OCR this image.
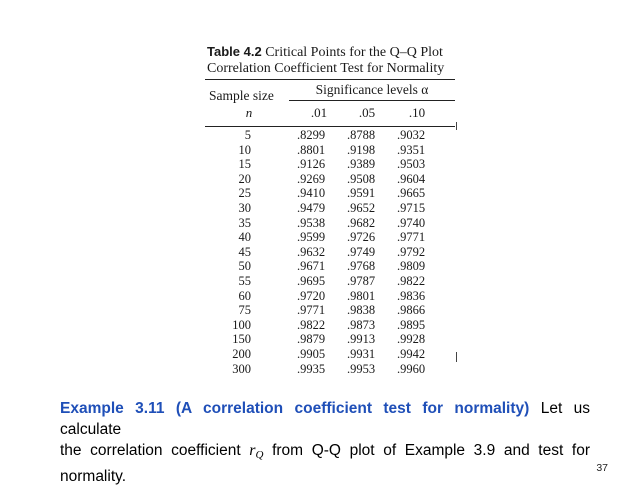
Table 4.2 Critical Points for the Q–Q Plot
Correlation Coefficient Test for Normality
Significance levels α
Sample size
n	.01	.05	.10
5	.8299 .8788 .9032
10	.8801 .9198 .9351
15	.9126 .9389 .9503
20	.9269 .9508 .9604
25	.9410 .9591 .9665
30	.9479 .9652 .9715
35	.9538 .9682 .9740
40	.9599 .9726 .9771
45	.9632 .9749 .9792
50	.9671 .9768 .9809
55	.9695 .9787 .9822
60	.9720 .9801 .9836
75	.9771 .9838 .9866
100	.9822 .9873 .9895
150	.9879 .9913 .9928
200	.9905 .9931 .9942
300	.9935 .9953 .9960
Example 3.11 (A correlation coefficient test for normality) Let us calculate
the correlation coefficient $r_Q$ from Q-Q plot of Example 3.9 and test for
normality.	37
